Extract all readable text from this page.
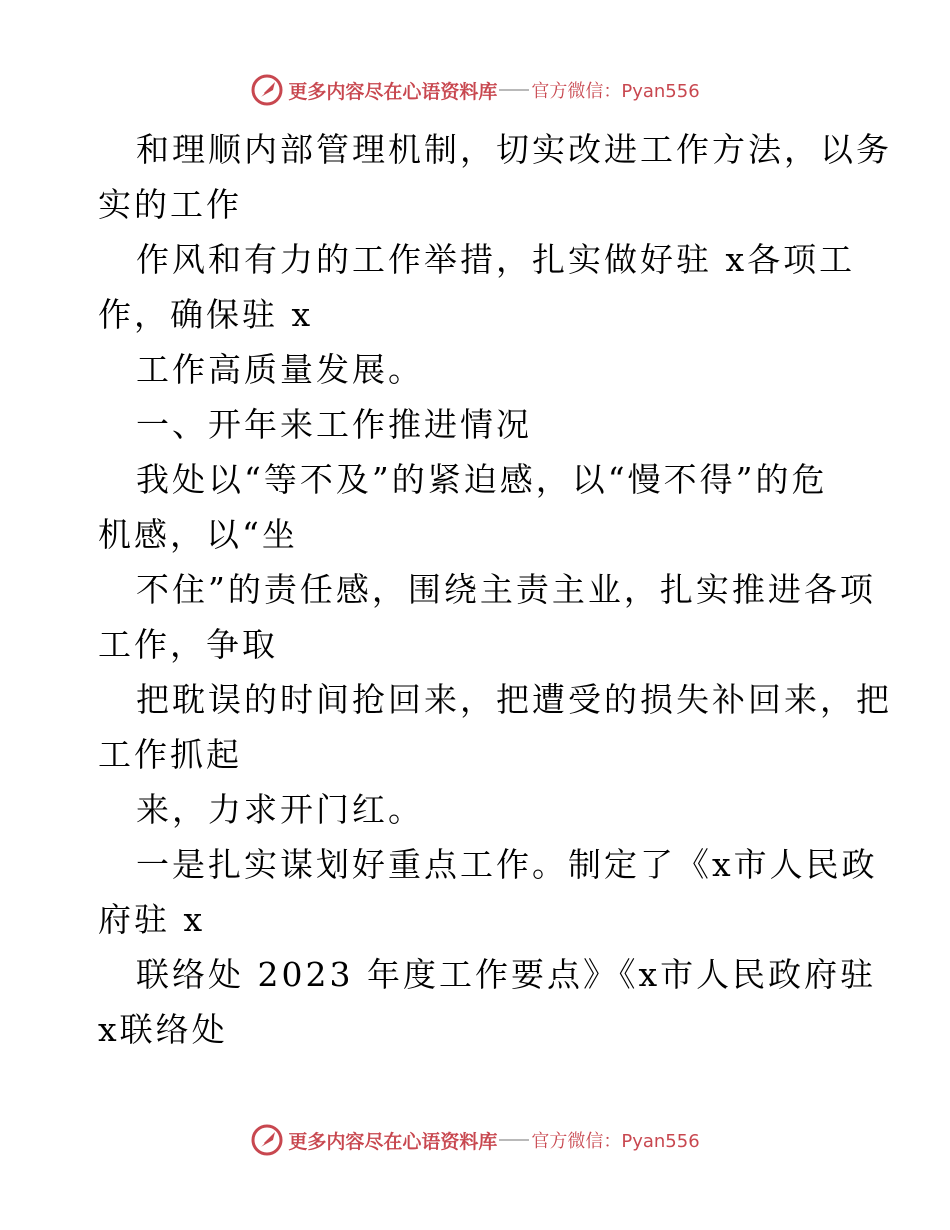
更多内容尽在心语资料库 官方微信：Pyan556
和理顺内部管理机制，切实改进工作方法，以务
实的工作
作风和有力的工作举措，扎实做好驻 x各项工
作，确保驻 x
工作高质量发展。
一、开年来工作推进情况
我处以“等不及”的紧迫感，以“慢不得”的危
机感，以“坐
不住”的责任感，围绕主责主业，扎实推进各项
工作，争取
把耽误的时间抢回来，把遭受的损失补回来，把
工作抓起
来，力求开门红。
一是扎实谋划好重点工作。制定了《x市人民政
府驻 x
联络处 2023 年度工作要点》《x市人民政府驻
x联络处
更多内容尽在心语资料库 官方微信：Pyan556
